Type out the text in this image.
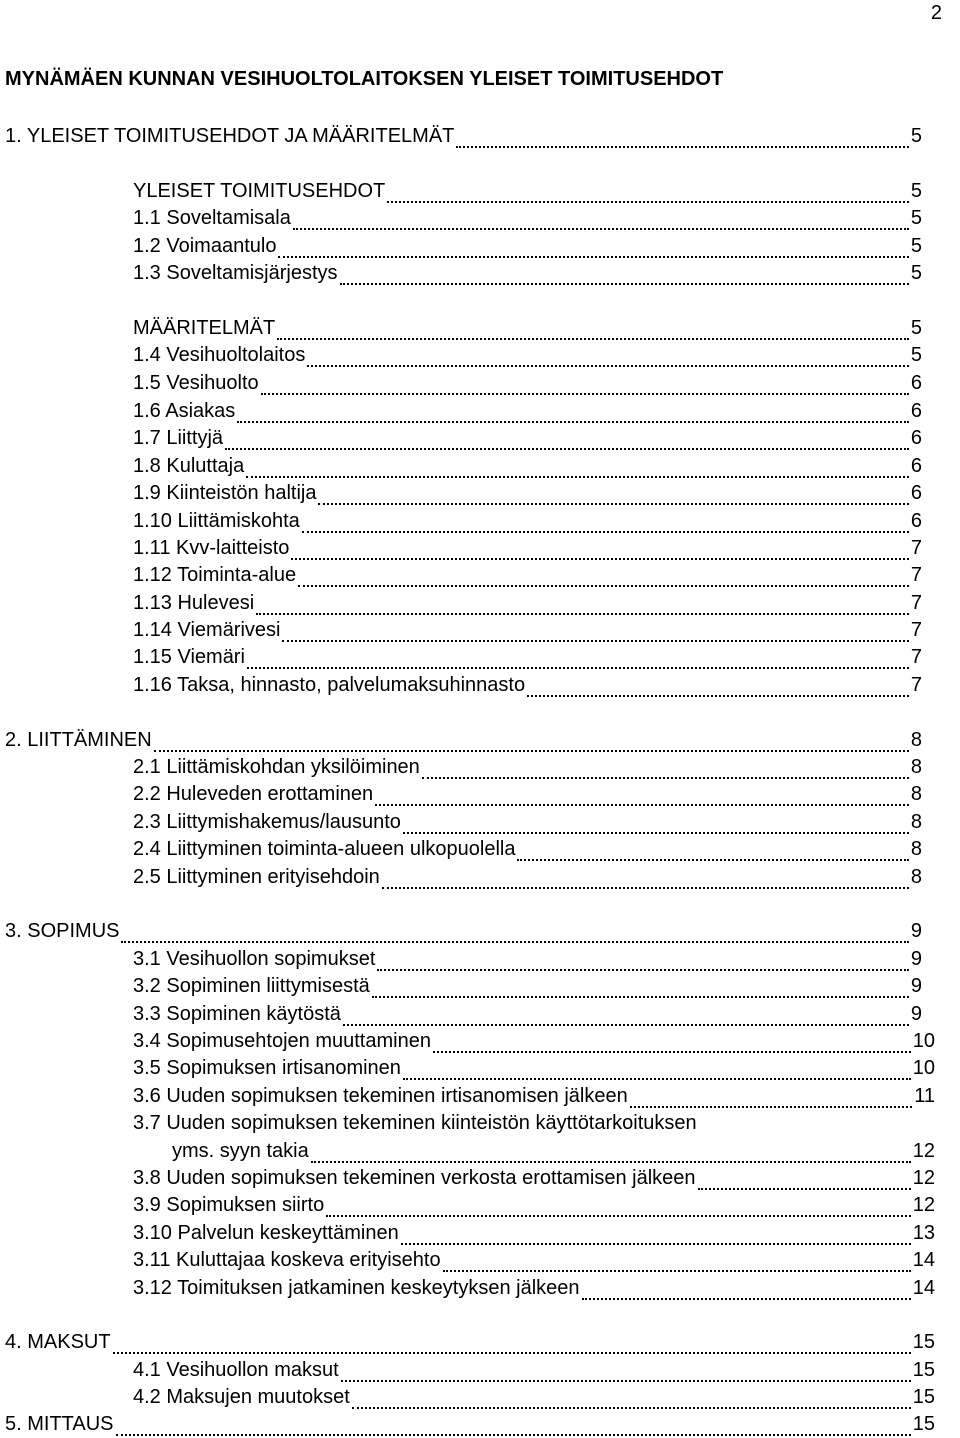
2
MYNÄMÄEN KUNNAN VESIHUOLTOLAITOKSEN YLEISET TOIMITUSEHDOT
1. YLEISET TOIMITUSEHDOT JA MÄÄRITELMÄT	5
YLEISET TOIMITUSEHDOT	5
1.1 Soveltamisala	5
1.2 Voimaantulo	5
1.3 Soveltamisjärjestys	5
MÄÄRITELMÄT	5
1.4 Vesihuoltolaitos	5
1.5 Vesihuolto	6
1.6 Asiakas	6
1.7 Liittyjä	6
1.8 Kuluttaja	6
1.9 Kiinteistön haltija	6
1.10 Liittämiskohta	6
1.11 Kvv-laitteisto	7
1.12 Toiminta-alue	7
1.13 Hulevesi	7
1.14 Viemärivesi	7
1.15 Viemäri	7
1.16 Taksa, hinnasto, palvelumaksuhinnasto	7
2. LIITTÄMINEN	8
2.1 Liittämiskohdan yksilöiminen	8
2.2 Huleveden erottaminen	8
2.3 Liittymishakemus/lausunto	8
2.4 Liittyminen toiminta-alueen ulkopuolella	8
2.5 Liittyminen erityisehdoin	8
3. SOPIMUS	9
3.1 Vesihuollon sopimukset	9
3.2 Sopiminen liittymisestä	9
3.3 Sopiminen käytöstä	9
3.4 Sopimusehtojen muuttaminen	10
3.5 Sopimuksen irtisanominen	10
3.6 Uuden sopimuksen tekeminen irtisanomisen jälkeen	11
3.7 Uuden sopimuksen tekeminen kiinteistön käyttötarkoituksen
yms. syyn takia	12
3.8 Uuden sopimuksen tekeminen verkosta erottamisen jälkeen	12
3.9 Sopimuksen siirto	12
3.10 Palvelun keskeyttäminen	13
3.11 Kuluttajaa koskeva erityisehto	14
3.12 Toimituksen jatkaminen keskeytyksen jälkeen	14
4. MAKSUT	15
4.1 Vesihuollon maksut	15
4.2 Maksujen muutokset	15
5. MITTAUS	15
